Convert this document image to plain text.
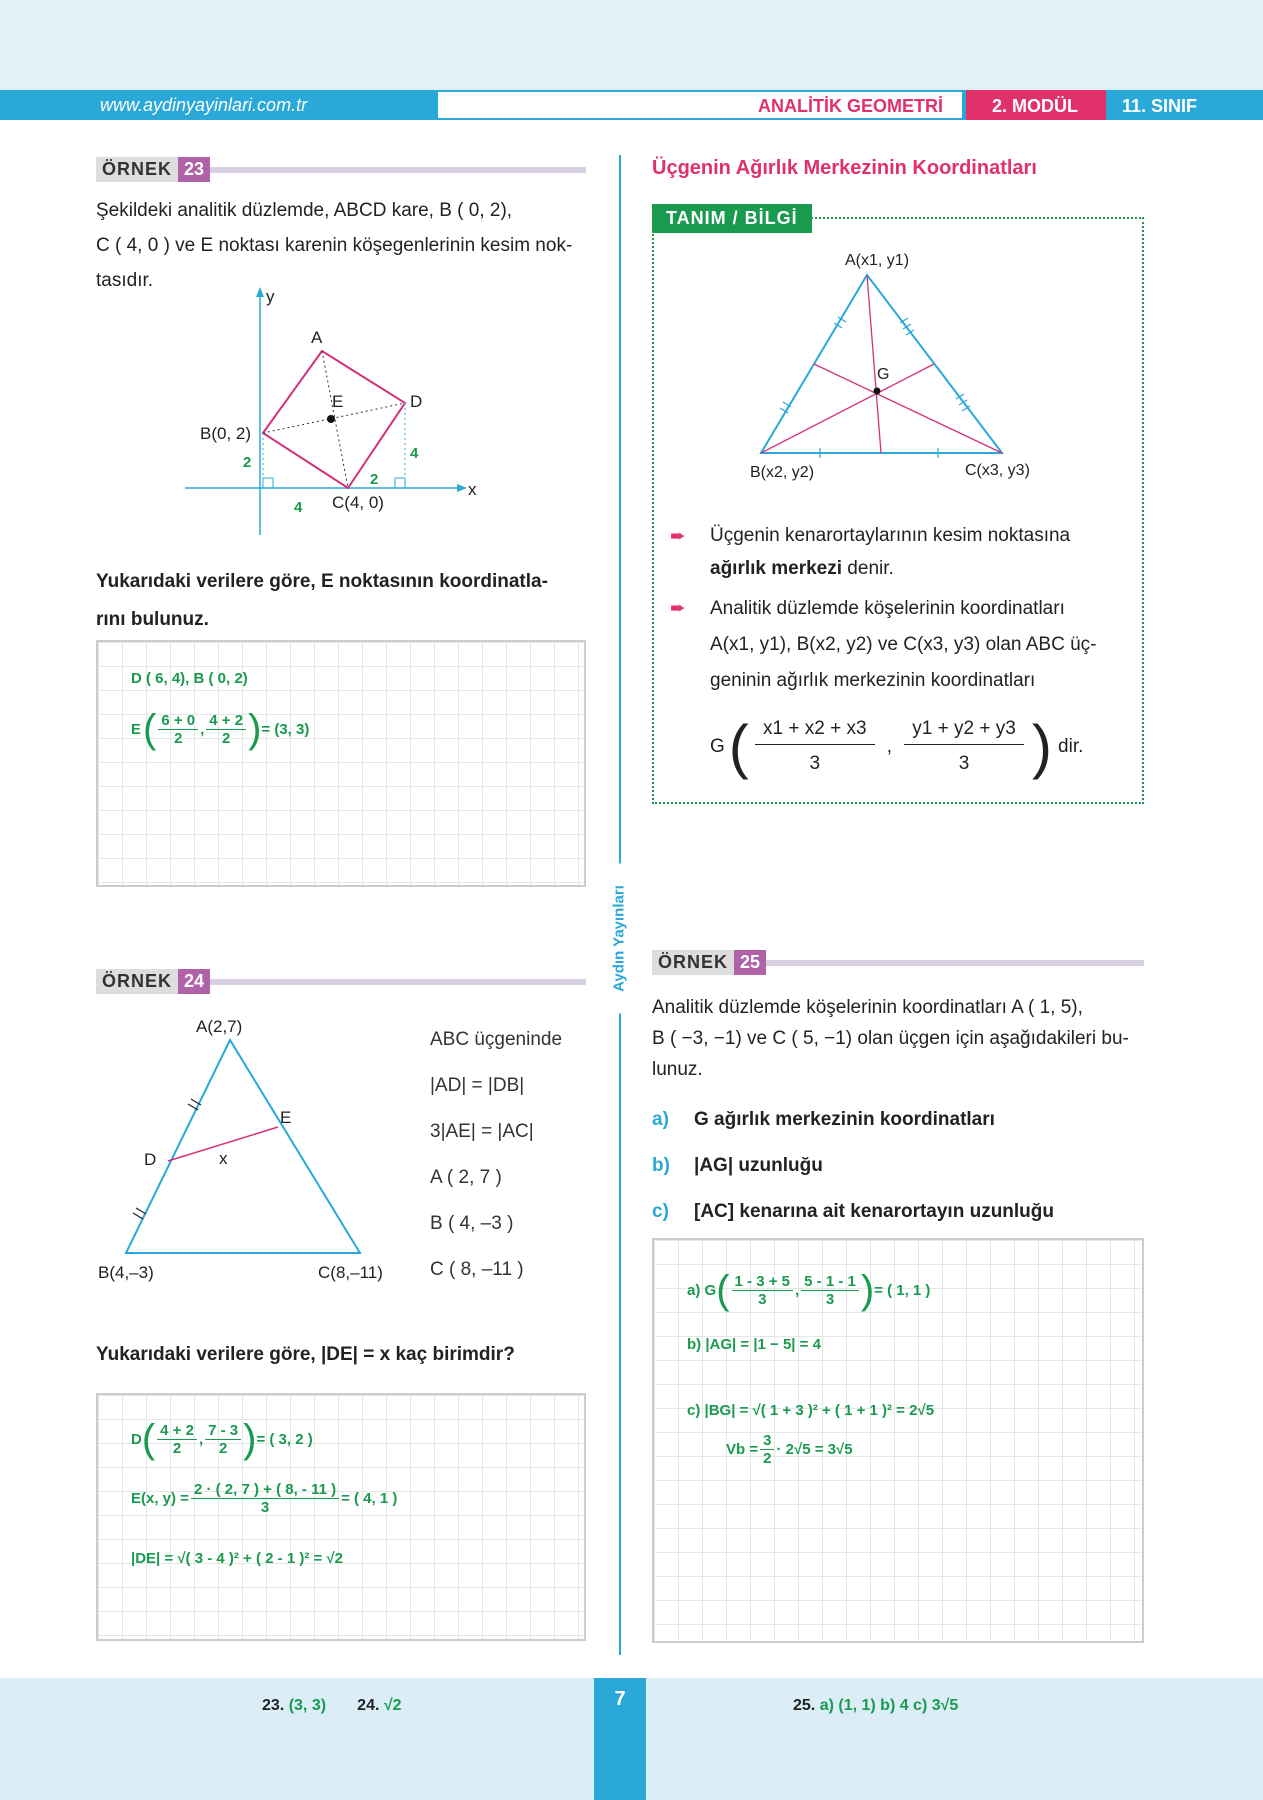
www.aydinyayinlari.com.tr	ANALİTİK GEOMETRİ	2. MODÜL 11. SINIF
Aydın Yayınları
ÖRNEK 23
Şekildeki analitik düzlemde, ABCD kare, B ( 0, 2),
C ( 4, 0 ) ve E noktası karenin köşegenlerinin kesim nok-
tasıdır.
y
x
A
B(0, 2)
C(4, 0)
D
E
2
2
4
4
Yukarıdaki verilere göre, E noktasının koordinatla-
rını bulunuz.
D ( 6, 4), B ( 0, 2)
E ( $\frac{6 + 0}{2}$ , $\frac{4 + 2}{2}$ ) = (3, 3)
Üçgenin Ağırlık Merkezinin Koordinatları
TANIM / BİLGİ
A(x1, y1)
B(x2, y2)	C(x3, y3)
G
➨	Üçgenin kenarortaylarının kesim noktasına
ağırlık merkezi denir.
➨	Analitik düzlemde köşelerinin koordinatları
A(x1, y1), B(x2, y2) ve C(x3, y3) olan ABC üç-
geninin ağırlık merkezinin koordinatları
G ( $\frac{x1 + x2 + x3}{3}$ , $\frac{y1 + y2 + y3}{3}$ ) dir.
ÖRNEK 24
A(2,7)
B(4,–3)	C(8,–11)
D
E
x
ABC üçgeninde
|AD| = |DB|
3|AE| = |AC|
A ( 2, 7 )
B ( 4, –3 )
C ( 8, –11 )
Yukarıdaki verilere göre, |DE| = x kaç birimdir?
D ( $\frac{4 + 2}{2}$ , $\frac{7 - 3}{2}$ ) = ( 3, 2 )
E(x, $y) = \frac{2 \cdot ( 2, 7 ) + ( 8, - 11 )}{3}$ = ( 4, 1 )
|DE| = √( 3 - 4 )² + ( 2 - 1 )² = √2
ÖRNEK 25
Analitik düzlemde köşelerinin koordinatları A ( 1, 5),
B ( −3, −1) ve C ( 5, −1) olan üçgen için aşağıdakileri bu-
lunuz.
a) G ağırlık merkezinin koordinatları
b) |AG| uzunluğu
c) [AC] kenarına ait kenarortayın uzunluğu
a) G ( $\frac{1 - 3 + 5}{3}$ , $\frac{5 - 1 - 1}{3}$ ) = ( 1, 1 )
b) |AG| = |1 − 5| = 4
c) |BG| = √( 1 + 3 )² + ( 1 + 1 )² = 2√5
$Vb = \frac{3}{2} \cdot 2√5 = 3√5$
7
23. (3, 3) 24. √2	25. a) (1, 1) b) 4 c) 3√5
